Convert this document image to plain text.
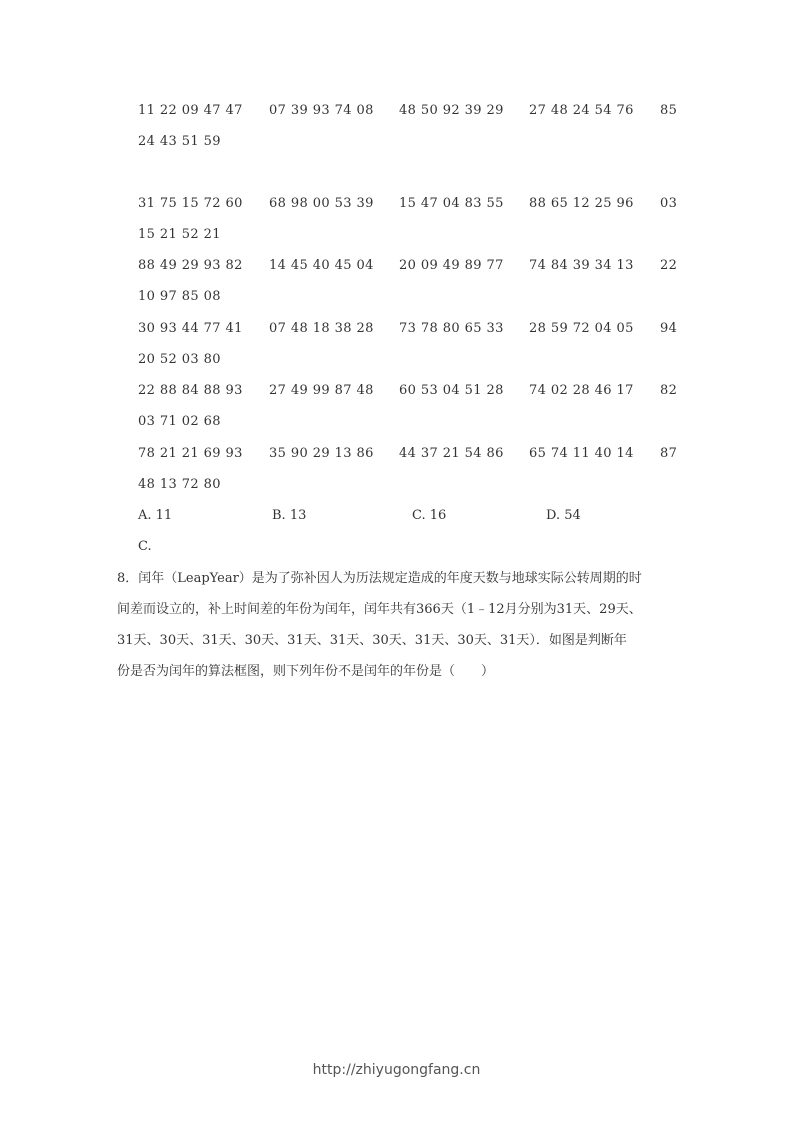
11 22 09 47 47 07 39 93 74 08 48 50 92 39 29 27 48 24 54 76 85
24 43 51 59
31 75 15 72 60 68 98 00 53 39 15 47 04 83 55 88 65 12 25 96 03
15 21 52 21
88 49 29 93 82 14 45 40 45 04 20 09 49 89 77 74 84 39 34 13 22
10 97 85 08
30 93 44 77 41 07 48 18 38 28 73 78 80 65 33 28 59 72 04 05 94
20 52 03 80
22 88 84 88 93 27 49 99 87 48 60 53 04 51 28 74 02 28 46 17 82
03 71 02 68
78 21 21 69 93 35 90 29 13 86 44 37 21 54 86 65 74 11 40 14 87
48 13 72 80
A. 11	B. 13	C. 16	D. 54
C.

8．闰年（LeapYear）是为了弥补因人为历法规定造成的年度天数与地球实际公转周期的时

间差而设立的，补上时间差的年份为闰年，闰年共有366天（1﹣12月分别为31天、29天、

31天、30天、31天、30天、31天、31天、30天、31天、30天、31天）．如图是判断年

份是否为闰年的算法框图，则下列年份不是闰年的年份是（　　）

http://zhiyugongfang.cn
